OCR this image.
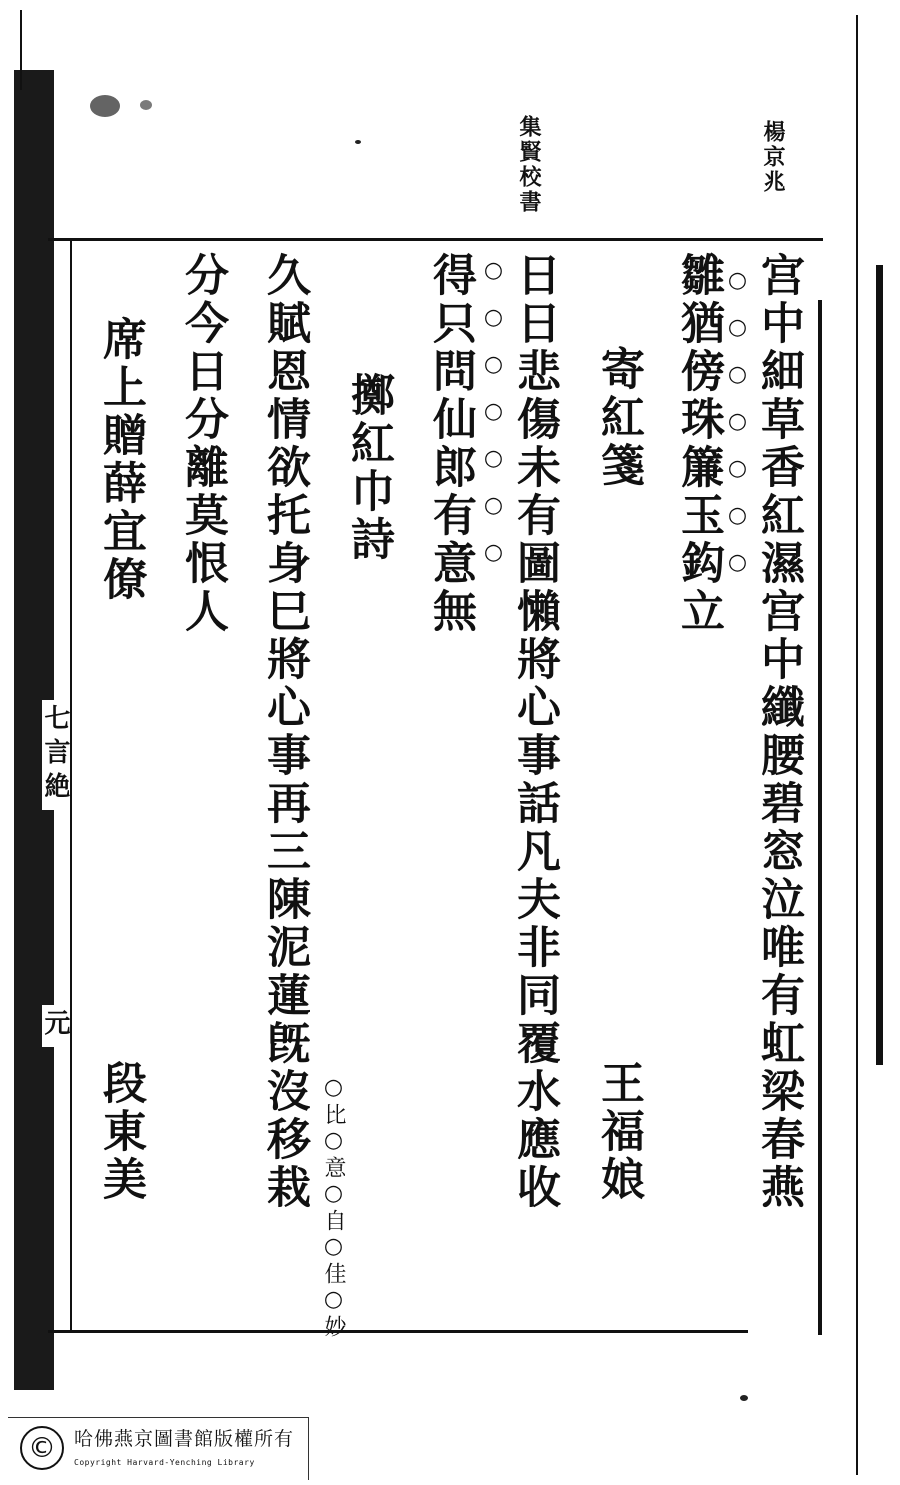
楊京兆
集賢校書
七言絶
元	宫中細草香紅濕宫中纖腰碧窓泣唯有虹梁春燕
○○○○○○○
雛猶傍珠簾玉鈎立
寄紅箋
王福娘
日日悲傷未有圖懶將心事話凡夫非同覆水應收
○○○○○○○
得只問仙郎有意無
擲紅巾詩
久賦恩情欲托身巳將心事再三陳泥蓮旣沒移栽 ○比○意○自○佳○妙
分今日分離莫恨人
席上贈薛宜僚
段東美
© 哈佛燕京圖書館版權所有
Copyright Harvard-Yenching Library
